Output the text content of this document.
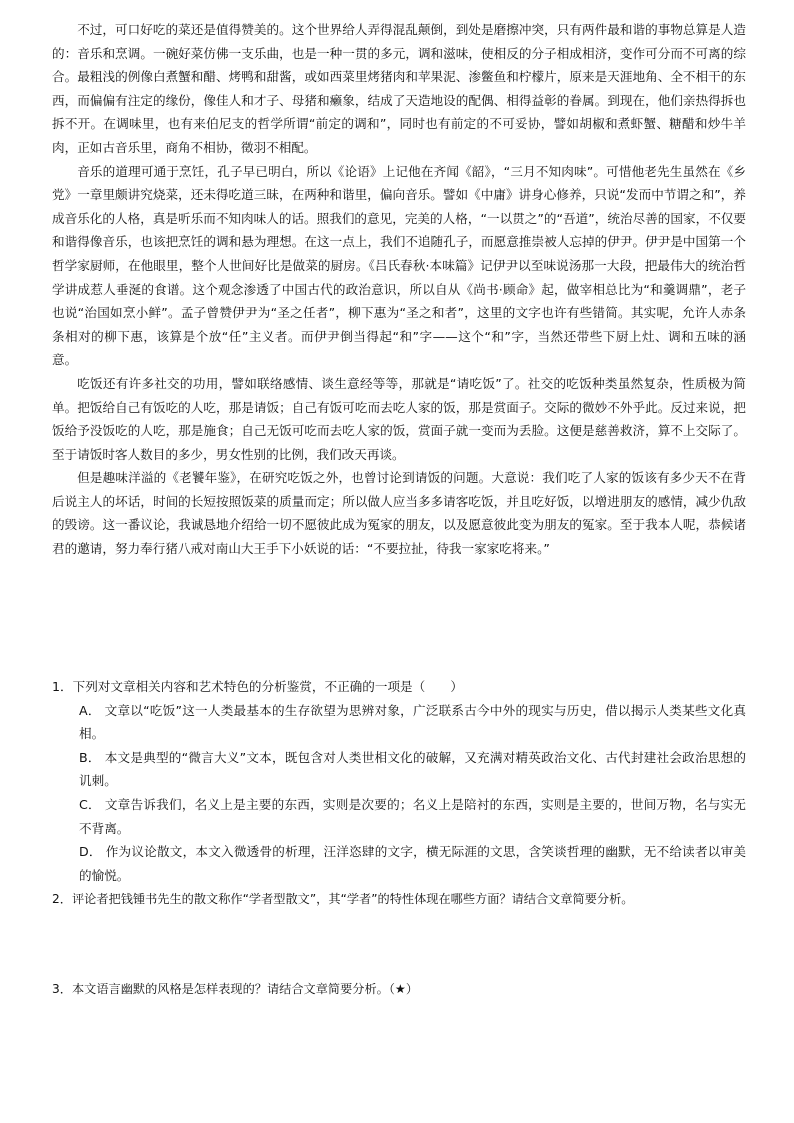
不过，可口好吃的菜还是值得赞美的。这个世界给人弄得混乱颠倒，到处是磨擦冲突，只有两件最和谐的事物总算是人造的：音乐和烹调。一碗好菜仿佛一支乐曲，也是一种一贯的多元，调和滋味，使相反的分子相成相济，变作可分而不可离的综合。最粗浅的例像白煮蟹和醋、烤鸭和甜酱，或如西菜里烤猪肉和苹果泥、渗鳖鱼和柠檬片，原来是天涯地角、全不相干的东西，而偏偏有注定的缘份，像佳人和才子、母猪和癞象，结成了天造地设的配偶、相得益彰的眷属。到现在，他们亲热得拆也拆不开。在调味里，也有来伯尼支的哲学所谓“前定的调和”，同时也有前定的不可妥协，譬如胡椒和煮虾蟹、糖醋和炒牛羊肉，正如古音乐里，商角不相协，徵羽不相配。

音乐的道理可通于烹饪，孔子早已明白，所以《论语》上记他在齐闻《韶》，“三月不知肉味”。可惜他老先生虽然在《乡党》一章里颇讲究烧菜，还未得吃道三昧，在两种和谐里，偏向音乐。譬如《中庸》讲身心修养，只说“发而中节谓之和”，养成音乐化的人格，真是听乐而不知肉味人的话。照我们的意见，完美的人格，“一以贯之”的“吾道”，统治尽善的国家，不仅要和谐得像音乐，也该把烹饪的调和悬为理想。在这一点上，我们不追随孔子，而愿意推崇被人忘掉的伊尹。伊尹是中国第一个哲学家厨师，在他眼里，整个人世间好比是做菜的厨房。《吕氏春秋·本味篇》记伊尹以至味说汤那一大段，把最伟大的统治哲学讲成惹人垂涎的食谱。这个观念渗透了中国古代的政治意识，所以自从《尚书·顾命》起，做宰相总比为“和羹调鼎”，老子也说“治国如烹小鲜”。孟子曾赞伊尹为“圣之任者”，柳下惠为“圣之和者”，这里的文字也许有些错简。其实呢，允许人赤条条相对的柳下惠，该算是个放“任”主义者。而伊尹倒当得起“和”字——这个“和”字，当然还带些下厨上灶、调和五味的涵意。

吃饭还有许多社交的功用，譬如联络感情、谈生意经等等，那就是“请吃饭”了。社交的吃饭种类虽然复杂，性质极为简单。把饭给自己有饭吃的人吃，那是请饭；自己有饭可吃而去吃人家的饭，那是赏面子。交际的微妙不外乎此。反过来说，把饭给予没饭吃的人吃，那是施食；自己无饭可吃而去吃人家的饭，赏面子就一变而为丢脸。这便是慈善救济，算不上交际了。至于请饭时客人数目的多少，男女性别的比例，我们改天再谈。

但是趣味洋溢的《老饕年鉴》，在研究吃饭之外，也曾讨论到请饭的问题。大意说：我们吃了人家的饭该有多少天不在背后说主人的坏话，时间的长短按照饭菜的质量而定；所以做人应当多多请客吃饭，并且吃好饭，以增进朋友的感情，减少仇敌的毁谤。这一番议论，我诚恳地介绍给一切不愿彼此成为冤家的朋友，以及愿意彼此变为朋友的冤家。至于我本人呢，恭候诸君的邀请，努力奉行猪八戒对南山大王手下小妖说的话：“不要拉扯，待我一家家吃将来。”

1．下列对文章相关内容和艺术特色的分析鉴赏，不正确的一项是（　　）

A． 文章以“吃饭”这一人类最基本的生存欲望为思辨对象，广泛联系古今中外的现实与历史，借以揭示人类某些文化真相。

B． 本文是典型的“微言大义”文本，既包含对人类世相文化的破解，又充满对精英政治文化、古代封建社会政治思想的讥刺。

C． 文章告诉我们，名义上是主要的东西，实则是次要的；名义上是陪衬的东西，实则是主要的，世间万物，名与实无不背离。

D． 作为议论散文，本文入微透骨的析理，汪洋恣肆的文字，横无际涯的文思，含笑谈哲理的幽默，无不给读者以审美的愉悦。

2．评论者把钱锺书先生的散文称作“学者型散文”，其“学者”的特性体现在哪些方面？请结合文章简要分析。

3．本文语言幽默的风格是怎样表现的？请结合文章简要分析。（★）
